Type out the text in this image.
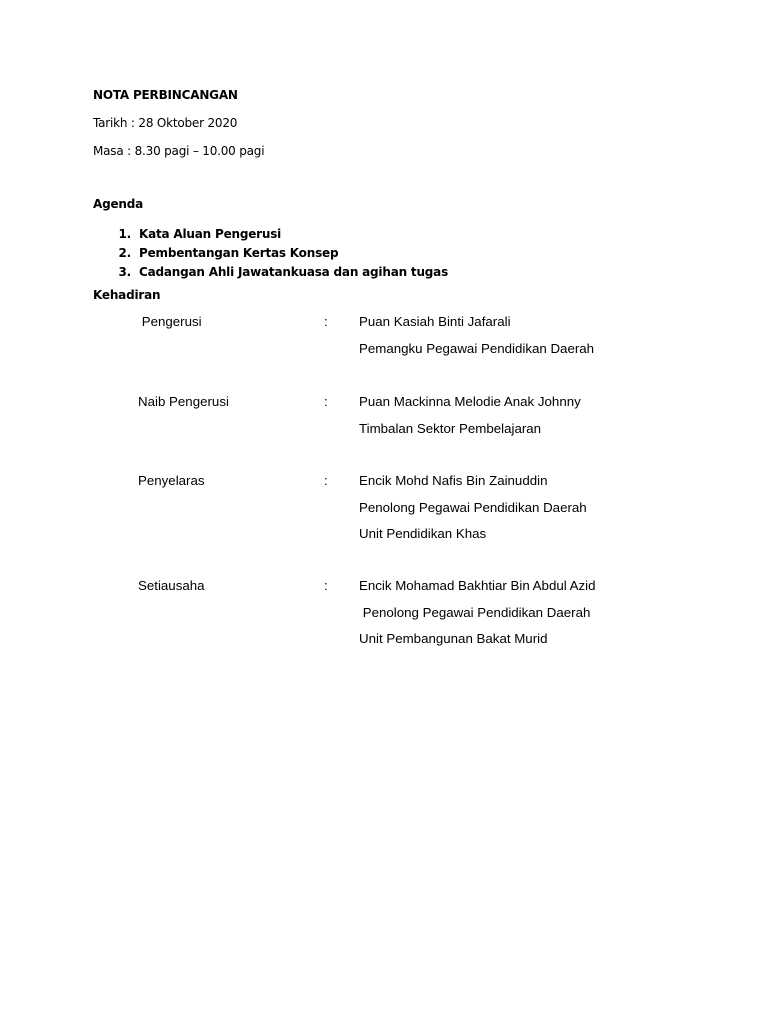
NOTA PERBINCANGAN
Tarikh : 28 Oktober 2020
Masa : 8.30 pagi – 10.00 pagi
Agenda
1. Kata Aluan Pengerusi
2. Pembentangan Kertas Konsep
3. Cadangan Ahli Jawatankuasa dan agihan tugas
Kehadiran
Pengerusi	: Puan Kasiah Binti Jafarali
Pemangku Pegawai Pendidikan Daerah
Naib Pengerusi	: Puan Mackinna Melodie Anak Johnny
Timbalan Sektor Pembelajaran
Penyelaras	: Encik Mohd Nafis Bin Zainuddin
Penolong Pegawai Pendidikan Daerah
Unit Pendidikan Khas
Setiausaha	: Encik Mohamad Bakhtiar Bin Abdul Azid
Penolong Pegawai Pendidikan Daerah
Unit Pembangunan Bakat Murid
